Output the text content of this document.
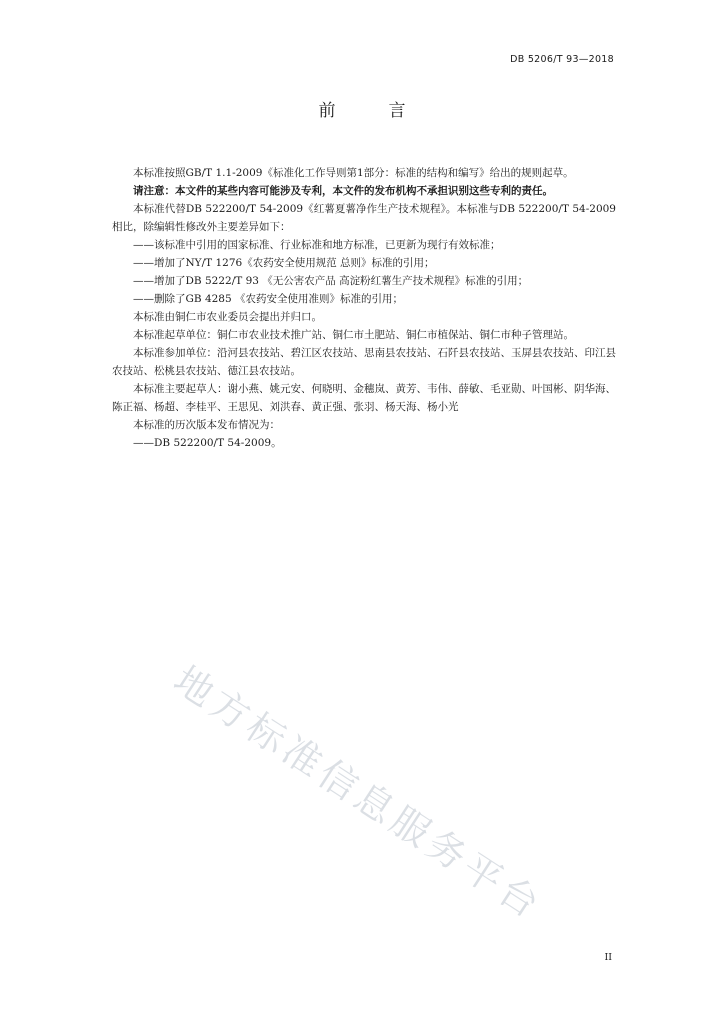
DB 5206/T 93—2018
前　言

本标准按照GB/T 1.1-2009《标准化工作导则第1部分：标准的结构和编写》给出的规则起草。

请注意：本文件的某些内容可能涉及专利，本文件的发布机构不承担识别这些专利的责任。

本标准代替DB 522200/T 54-2009《红薯夏薯净作生产技术规程》。本标准与DB 522200/T 54-2009相比，除编辑性修改外主要差异如下：

——该标准中引用的国家标准、行业标准和地方标准，已更新为现行有效标准；

——增加了NY/T 1276《农药安全使用规范 总则》标准的引用；

——增加了DB 5222/T 93 《无公害农产品 高淀粉红薯生产技术规程》标准的引用；

——删除了GB 4285 《农药安全使用准则》标准的引用；

本标准由铜仁市农业委员会提出并归口。

本标准起草单位：铜仁市农业技术推广站、铜仁市土肥站、铜仁市植保站、铜仁市种子管理站。

本标准参加单位：沿河县农技站、碧江区农技站、思南县农技站、石阡县农技站、玉屏县农技站、印江县农技站、松桃县农技站、德江县农技站。

本标准主要起草人：谢小燕、姚元安、何晓明、金穗岚、黄芳、韦伟、薛敏、毛亚勋、叶国彬、阴华海、陈正福、杨超、李桂平、王思见、刘洪春、黄正强、张羽、杨天海、杨小光

本标准的历次版本发布情况为：

——DB 522200/T 54-2009。

地方标准信息服务平台
II
